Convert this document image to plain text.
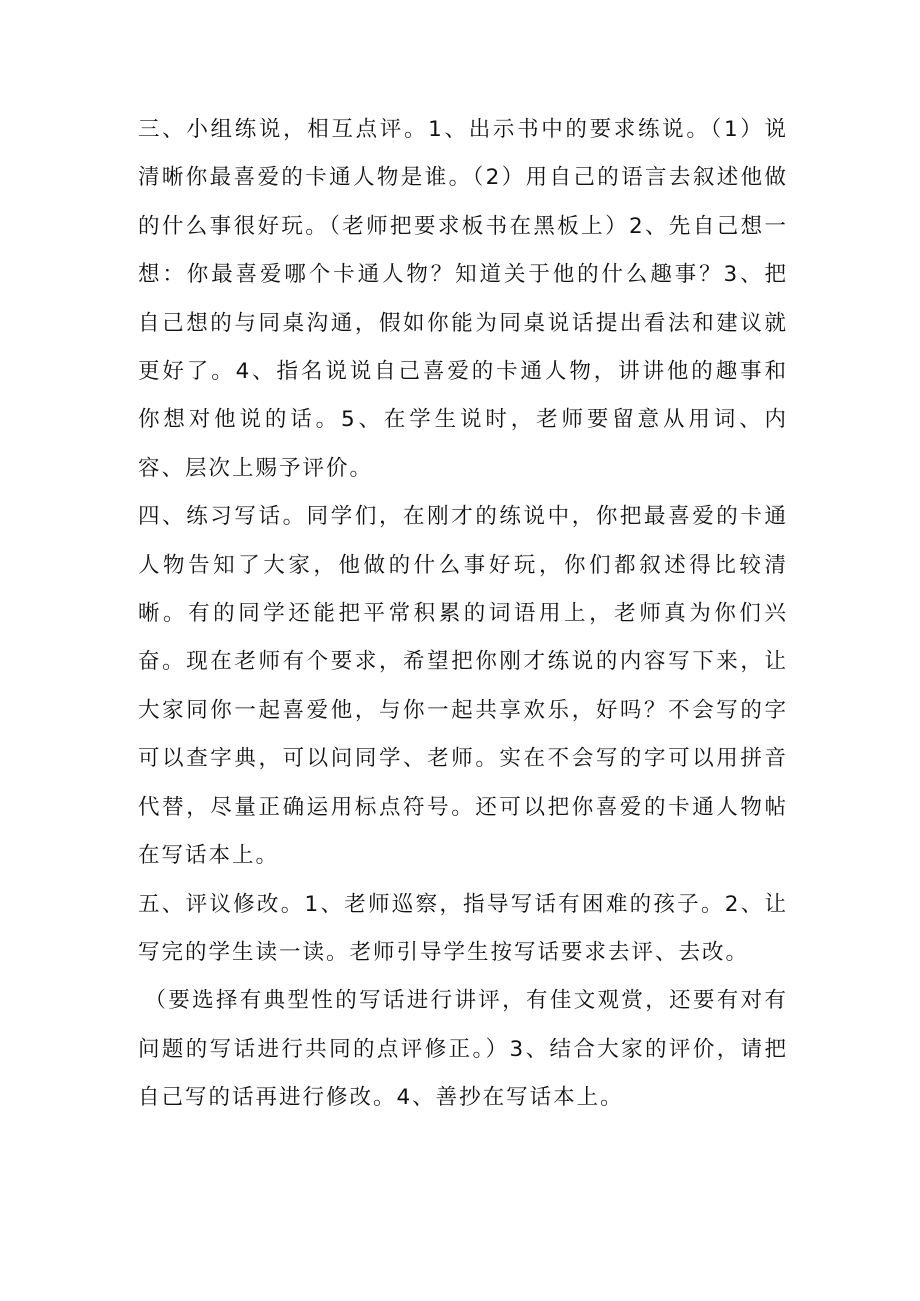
三、小组练说，相互点评。1、出示书中的要求练说。（1）说清晰你最喜爱的卡通人物是谁。（2）用自己的语言去叙述他做的什么事很好玩。（老师把要求板书在黑板上）2、先自己想一想：你最喜爱哪个卡通人物？知道关于他的什么趣事？3、把自己想的与同桌沟通，假如你能为同桌说话提出看法和建议就更好了。4、指名说说自己喜爱的卡通人物，讲讲他的趣事和你想对他说的话。5、在学生说时，老师要留意从用词、内容、层次上赐予评价。

四、练习写话。同学们，在刚才的练说中，你把最喜爱的卡通人物告知了大家，他做的什么事好玩，你们都叙述得比较清晰。有的同学还能把平常积累的词语用上，老师真为你们兴奋。现在老师有个要求，希望把你刚才练说的内容写下来，让大家同你一起喜爱他，与你一起共享欢乐，好吗？不会写的字可以查字典，可以问同学、老师。实在不会写的字可以用拼音代替，尽量正确运用标点符号。还可以把你喜爱的卡通人物帖在写话本上。

五、评议修改。1、老师巡察，指导写话有困难的孩子。2、让写完的学生读一读。老师引导学生按写话要求去评、去改。

（要选择有典型性的写话进行讲评，有佳文观赏，还要有对有问题的写话进行共同的点评修正。）3、结合大家的评价，请把自己写的话再进行修改。4、善抄在写话本上。
